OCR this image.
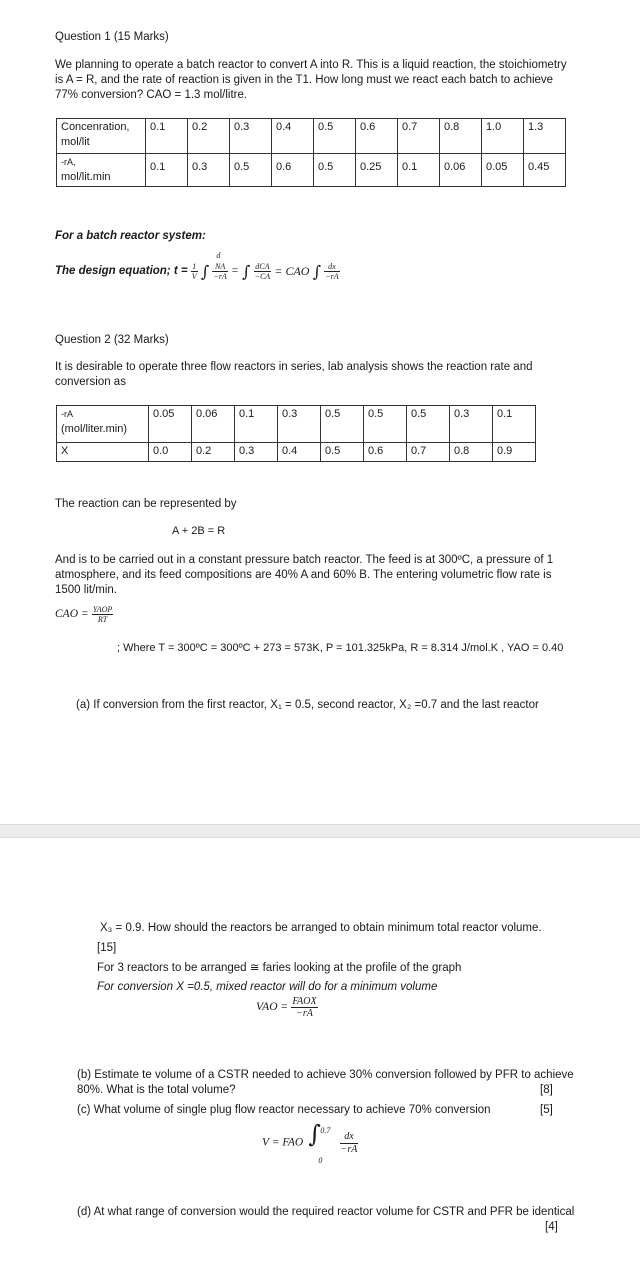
Question 1 (15 Marks)

We planning to operate a batch reactor to convert A into R. This is a liquid reaction, the stoichiometry is A = R, and the rate of reaction is given in the T1. How long must we react each batch to achieve 77% conversion? CAO = 1.3 mol/litre.

Concenration,
mol/lit	0.1	0.2	0.3	0.4	0.5	0.6	0.7	0.8	1.0	1.3

-rA,
mol/lit.min	0.1	0.3	0.5	0.6	0.5	0.25	0.1	0.06	0.05	0.45

For a batch reactor system:

The design equation; $t = \frac{1}{V}$ ∫
d
NA
−rA = ∫ $\frac{\text{dCA}}{-CA}$ = CAO ∫ $\frac{dx}{-rA}$

Question 2 (32 Marks)

It is desirable to operate three flow reactors in series, lab analysis shows the reaction rate and conversion as

-rA
(mol/liter.min)	0.05	0.06	0.1	0.3	0.5	0.5	0.5	0.3	0.1
X	0.0	0.2	0.3	0.4	0.5	0.6	0.7	0.8	0.9

The reaction can be represented by

A + 2B = R

And is to be carried out in a constant pressure batch reactor. The feed is at 300ºC, a pressure of 1 atmosphere, and its feed compositions are 40% A and 60% B. The entering volumetric flow rate is 1500 lit/min.

CAO = $\frac{\text{YAOP}}{RT}$

; Where T = 300ºC = 300ºC + 273 = 573K, P = 101.325kPa, R = 8.314 J/mol.K , YAO = 0.40

(a) If conversion from the first reactor, X₁ = 0.5, second reactor, X₂ =0.7 and the last reactor

X₃ = 0.9. How should the reactors be arranged to obtain minimum total reactor volume.

[15]

For 3 reactors to be arranged ≅ faries looking at the profile of the graph

For conversion X =0.5, mixed reactor will do for a minimum volume

VAO = $\frac{\text{FAOX}}{-rA}$

(b) Estimate te volume of a CSTR needed to achieve 30% conversion followed by PFR to achieve 80%. What is the total volume?	[8]

(c) What volume of single plug flow reactor necessary to achieve 70% conversion	[5]

V = FAO ∫ 0.7
0

$\frac{dx}{-rA}$

(d) At what range of conversion would the required reactor volume for CSTR and PFR be identical

[4]
